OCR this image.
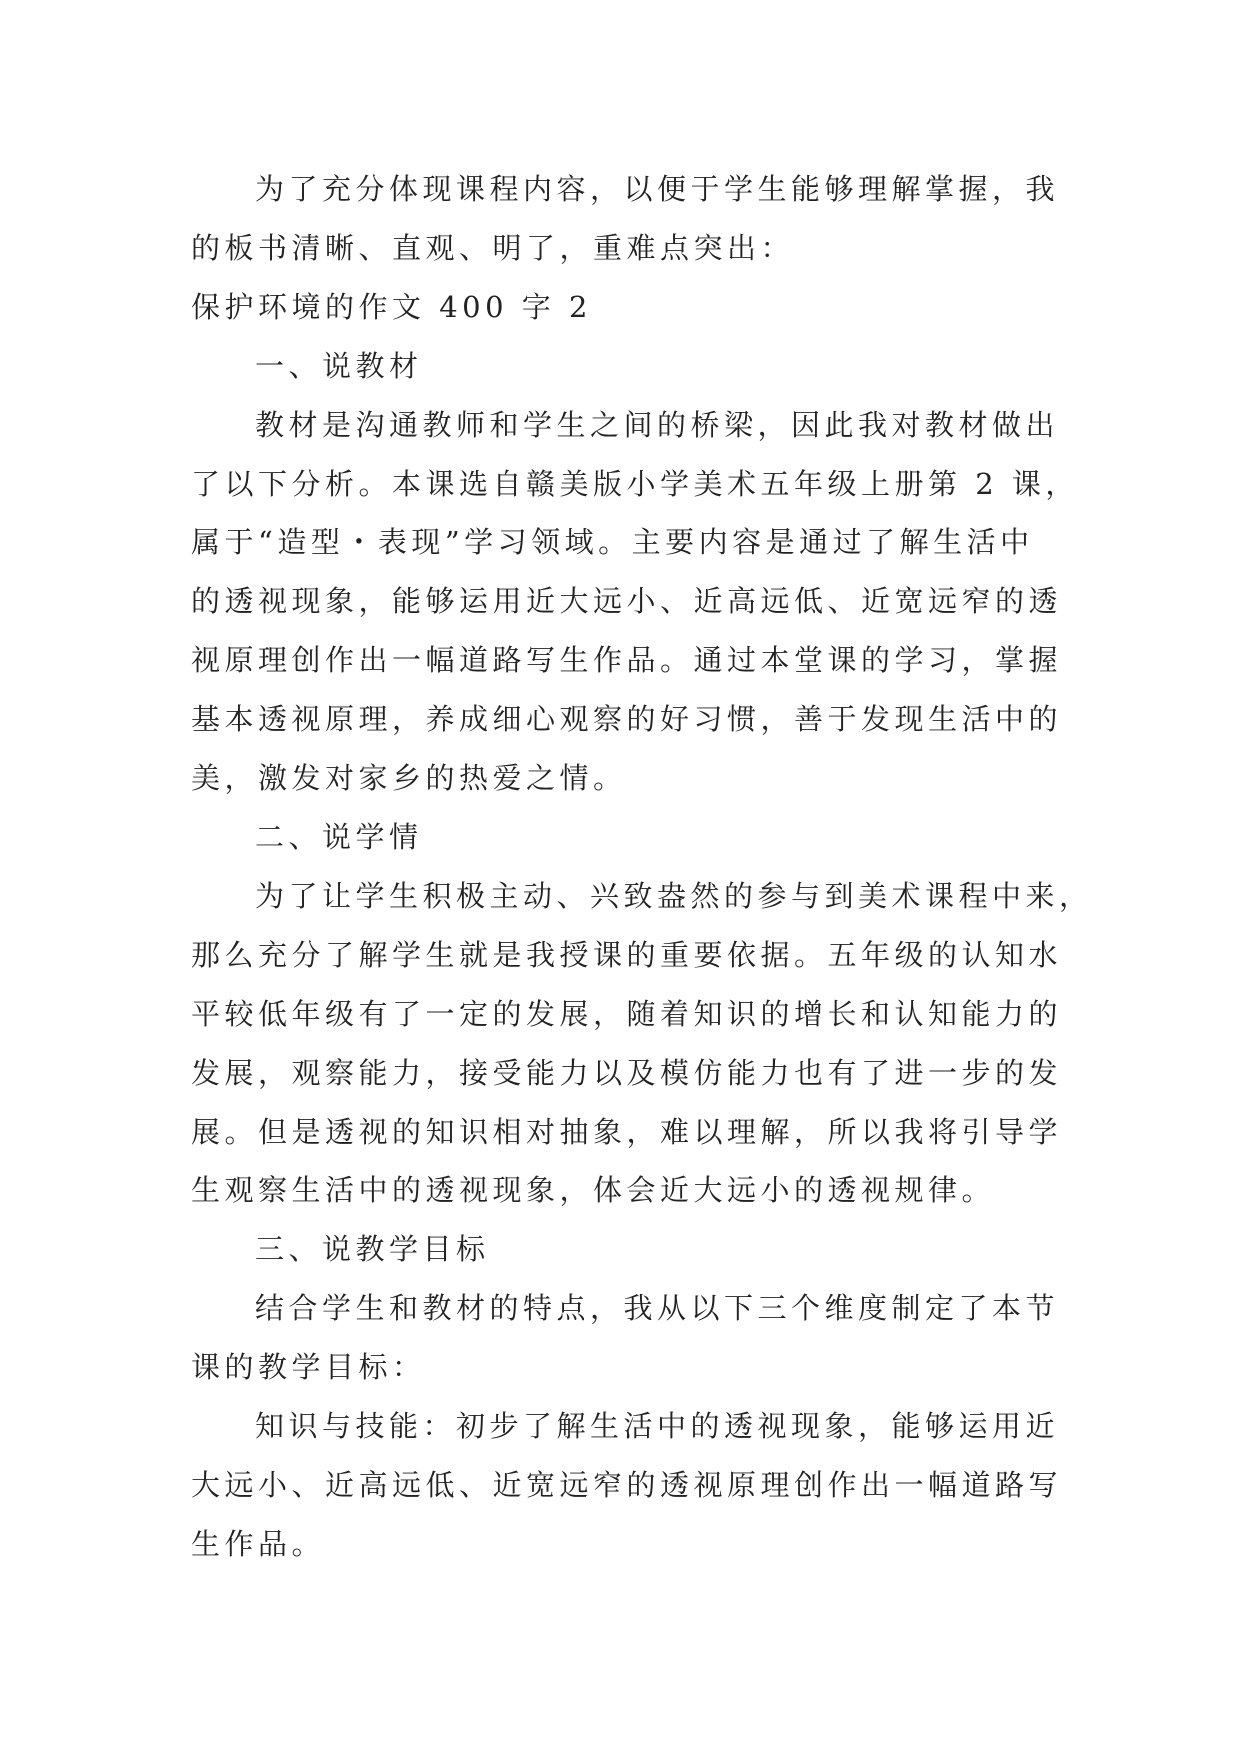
为了充分体现课程内容，以便于学生能够理解掌握，我

的板书清晰、直观、明了，重难点突出：

保护环境的作文 400 字 2

一、说教材

教材是沟通教师和学生之间的桥梁，因此我对教材做出

了以下分析。本课选自赣美版小学美术五年级上册第 2 课，

属于“造型・表现”学习领域。主要内容是通过了解生活中

的透视现象，能够运用近大远小、近高远低、近宽远窄的透

视原理创作出一幅道路写生作品。通过本堂课的学习，掌握

基本透视原理，养成细心观察的好习惯，善于发现生活中的

美，激发对家乡的热爱之情。

二、说学情

为了让学生积极主动、兴致盎然的参与到美术课程中来，

那么充分了解学生就是我授课的重要依据。五年级的认知水

平较低年级有了一定的发展，随着知识的增长和认知能力的

发展，观察能力，接受能力以及模仿能力也有了进一步的发

展。但是透视的知识相对抽象，难以理解，所以我将引导学

生观察生活中的透视现象，体会近大远小的透视规律。

三、说教学目标

结合学生和教材的特点，我从以下三个维度制定了本节

课的教学目标：

知识与技能：初步了解生活中的透视现象，能够运用近

大远小、近高远低、近宽远窄的透视原理创作出一幅道路写

生作品。
